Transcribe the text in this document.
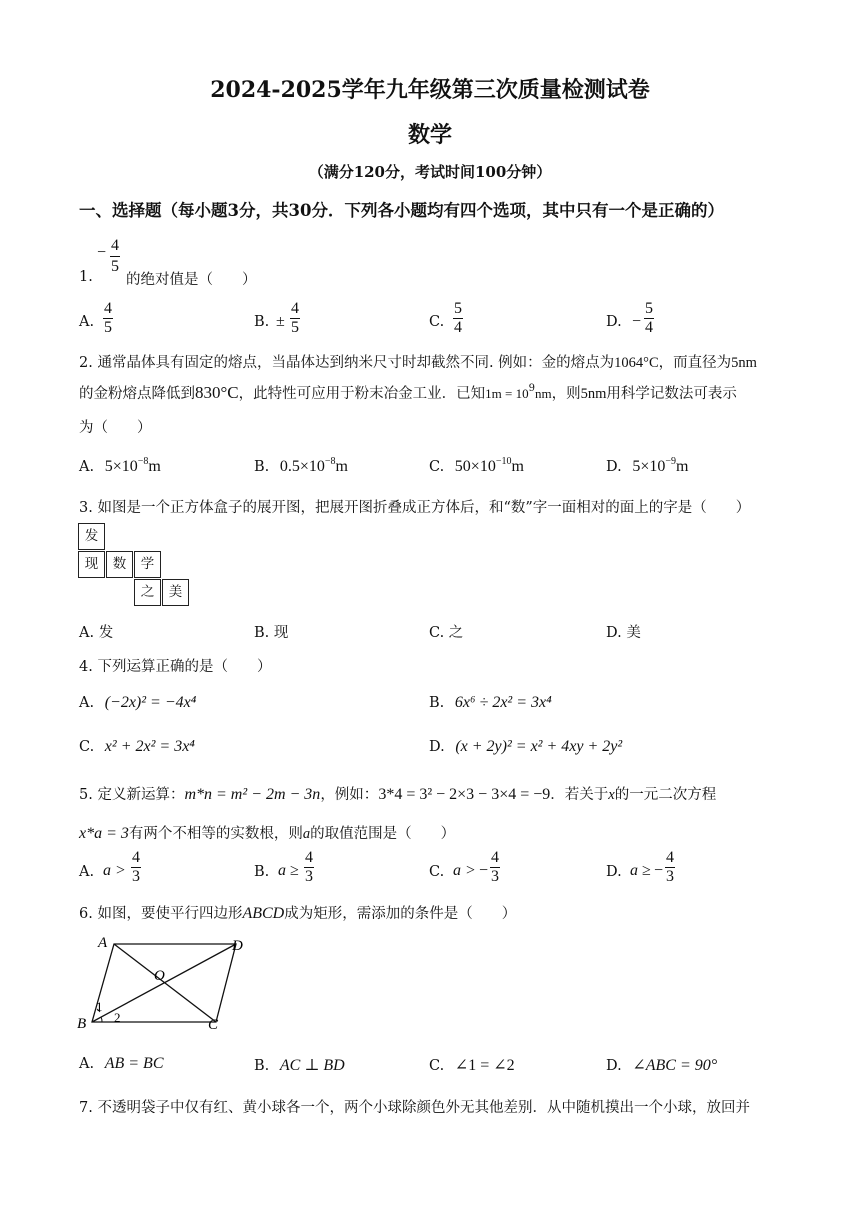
2024-2025学年九年级第三次质量检测试卷
数学
（满分120分，考试时间100分钟）
一、选择题（每小题3分，共30分．下列各小题均有四个选项，其中只有一个是正确的）
− $\frac{4}{5}$
1. 的绝对值是（　　）
A. $\frac{4}{5}$	B. ± $\frac{4}{5}$	C. $\frac{5}{4}$	D. − $\frac{5}{4}$
2. 通常晶体具有固定的熔点，当晶体达到纳米尺寸时却截然不同. 例如：金的熔点为1064°C，而直径为5nm
的金粉熔点降低到830°C，此特性可应用于粉末冶金工业．已知$1m = 10^9nm$，则5nm用科学记数法可表示
为（　　）
A. $5\times 10^{-8}m$	B. $0.5\times 10^{-8}m$	C. $50\times 10^{-10}m$	D. $5\times 10^{-9}m$
3. 如图是一个正方体盒子的展开图，把展开图折叠成正方体后，和“数”字一面相对的面上的字是（　　）
发
现	数	学
之	美
A. 发	B. 现	C. 之	D. 美
4. 下列运算正确的是（　　）
A. (−2x)² = −4x⁴	B. 6x⁶ ÷ 2x² = 3x⁴
C. x² + 2x² = 3x⁴	D. (x + 2y)² = x² + 4xy + 2y²
5. 定义新运算：m*n = m² − 2m − 3n，例如：3*4 = 3² − 2×3 − 3×4 = −9．若关于x的一元二次方程
x*a = 3有两个不相等的实数根，则a的取值范围是（　　）
A. $a > \frac{4}{3}$	B. $a \ge \frac{4}{3}$	C. a > − $\frac{4}{3}$	D. a ≥ − $\frac{4}{3}$
6. 如图，要使平行四边形ABCD成为矩形，需添加的条件是（　　）
A	D
B	C
O
1
2
A. AB = BC	B. AC ⊥ BD	C. ∠1 = ∠2	D. ∠ABC = 90°
7. 不透明袋子中仅有红、黄小球各一个，两个小球除颜色外无其他差别．从中随机摸出一个小球，放回并
